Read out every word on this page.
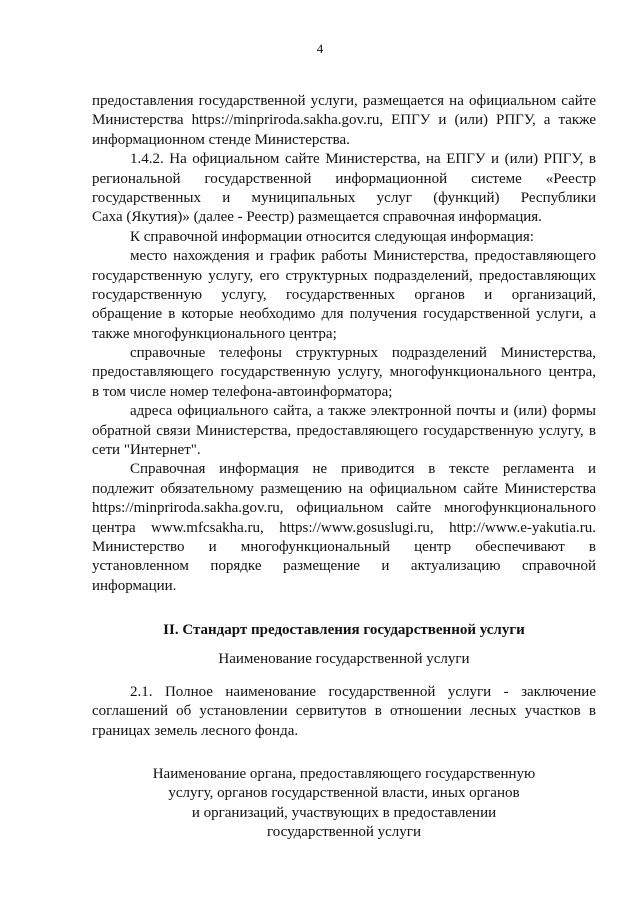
4
предоставления государственной услуги, размещается на официальном сайте
Министерства https://minpriroda.sakha.gov.ru, ЕПГУ и (или) РПГУ, а также
информационном стенде Министерства.
1.4.2. На официальном сайте Министерства, на ЕПГУ и (или) РПГУ, в
региональной государственной информационной системе «Реестр
государственных и муниципальных услуг (функций) Республики
Саха (Якутия)» (далее - Реестр) размещается справочная информация.
К справочной информации относится следующая информация:
место нахождения и график работы Министерства, предоставляющего
государственную услугу, его структурных подразделений, предоставляющих
государственную услугу, государственных органов и организаций,
обращение в которые необходимо для получения государственной услуги, а
также многофункционального центра;
справочные телефоны структурных подразделений Министерства,
предоставляющего государственную услугу, многофункционального центра,
в том числе номер телефона-автоинформатора;
адреса официального сайта, а также электронной почты и (или) формы
обратной связи Министерства, предоставляющего государственную услугу, в
сети "Интернет".
Справочная информация не приводится в тексте регламента и
подлежит обязательному размещению на официальном сайте Министерства
https://minpriroda.sakha.gov.ru, официальном сайте многофункционального
центра www.mfcsakha.ru, https://www.gosuslugi.ru, http://www.e-yakutia.ru.
Министерство и многофункциональный центр обеспечивают в
установленном порядке размещение и актуализацию справочной
информации.
II. Стандарт предоставления государственной услуги
Наименование государственной услуги
2.1. Полное наименование государственной услуги - заключение
соглашений об установлении сервитутов в отношении лесных участков в
границах земель лесного фонда.
Наименование органа, предоставляющего государственную
услугу, органов государственной власти, иных органов
и организаций, участвующих в предоставлении
государственной услуги
